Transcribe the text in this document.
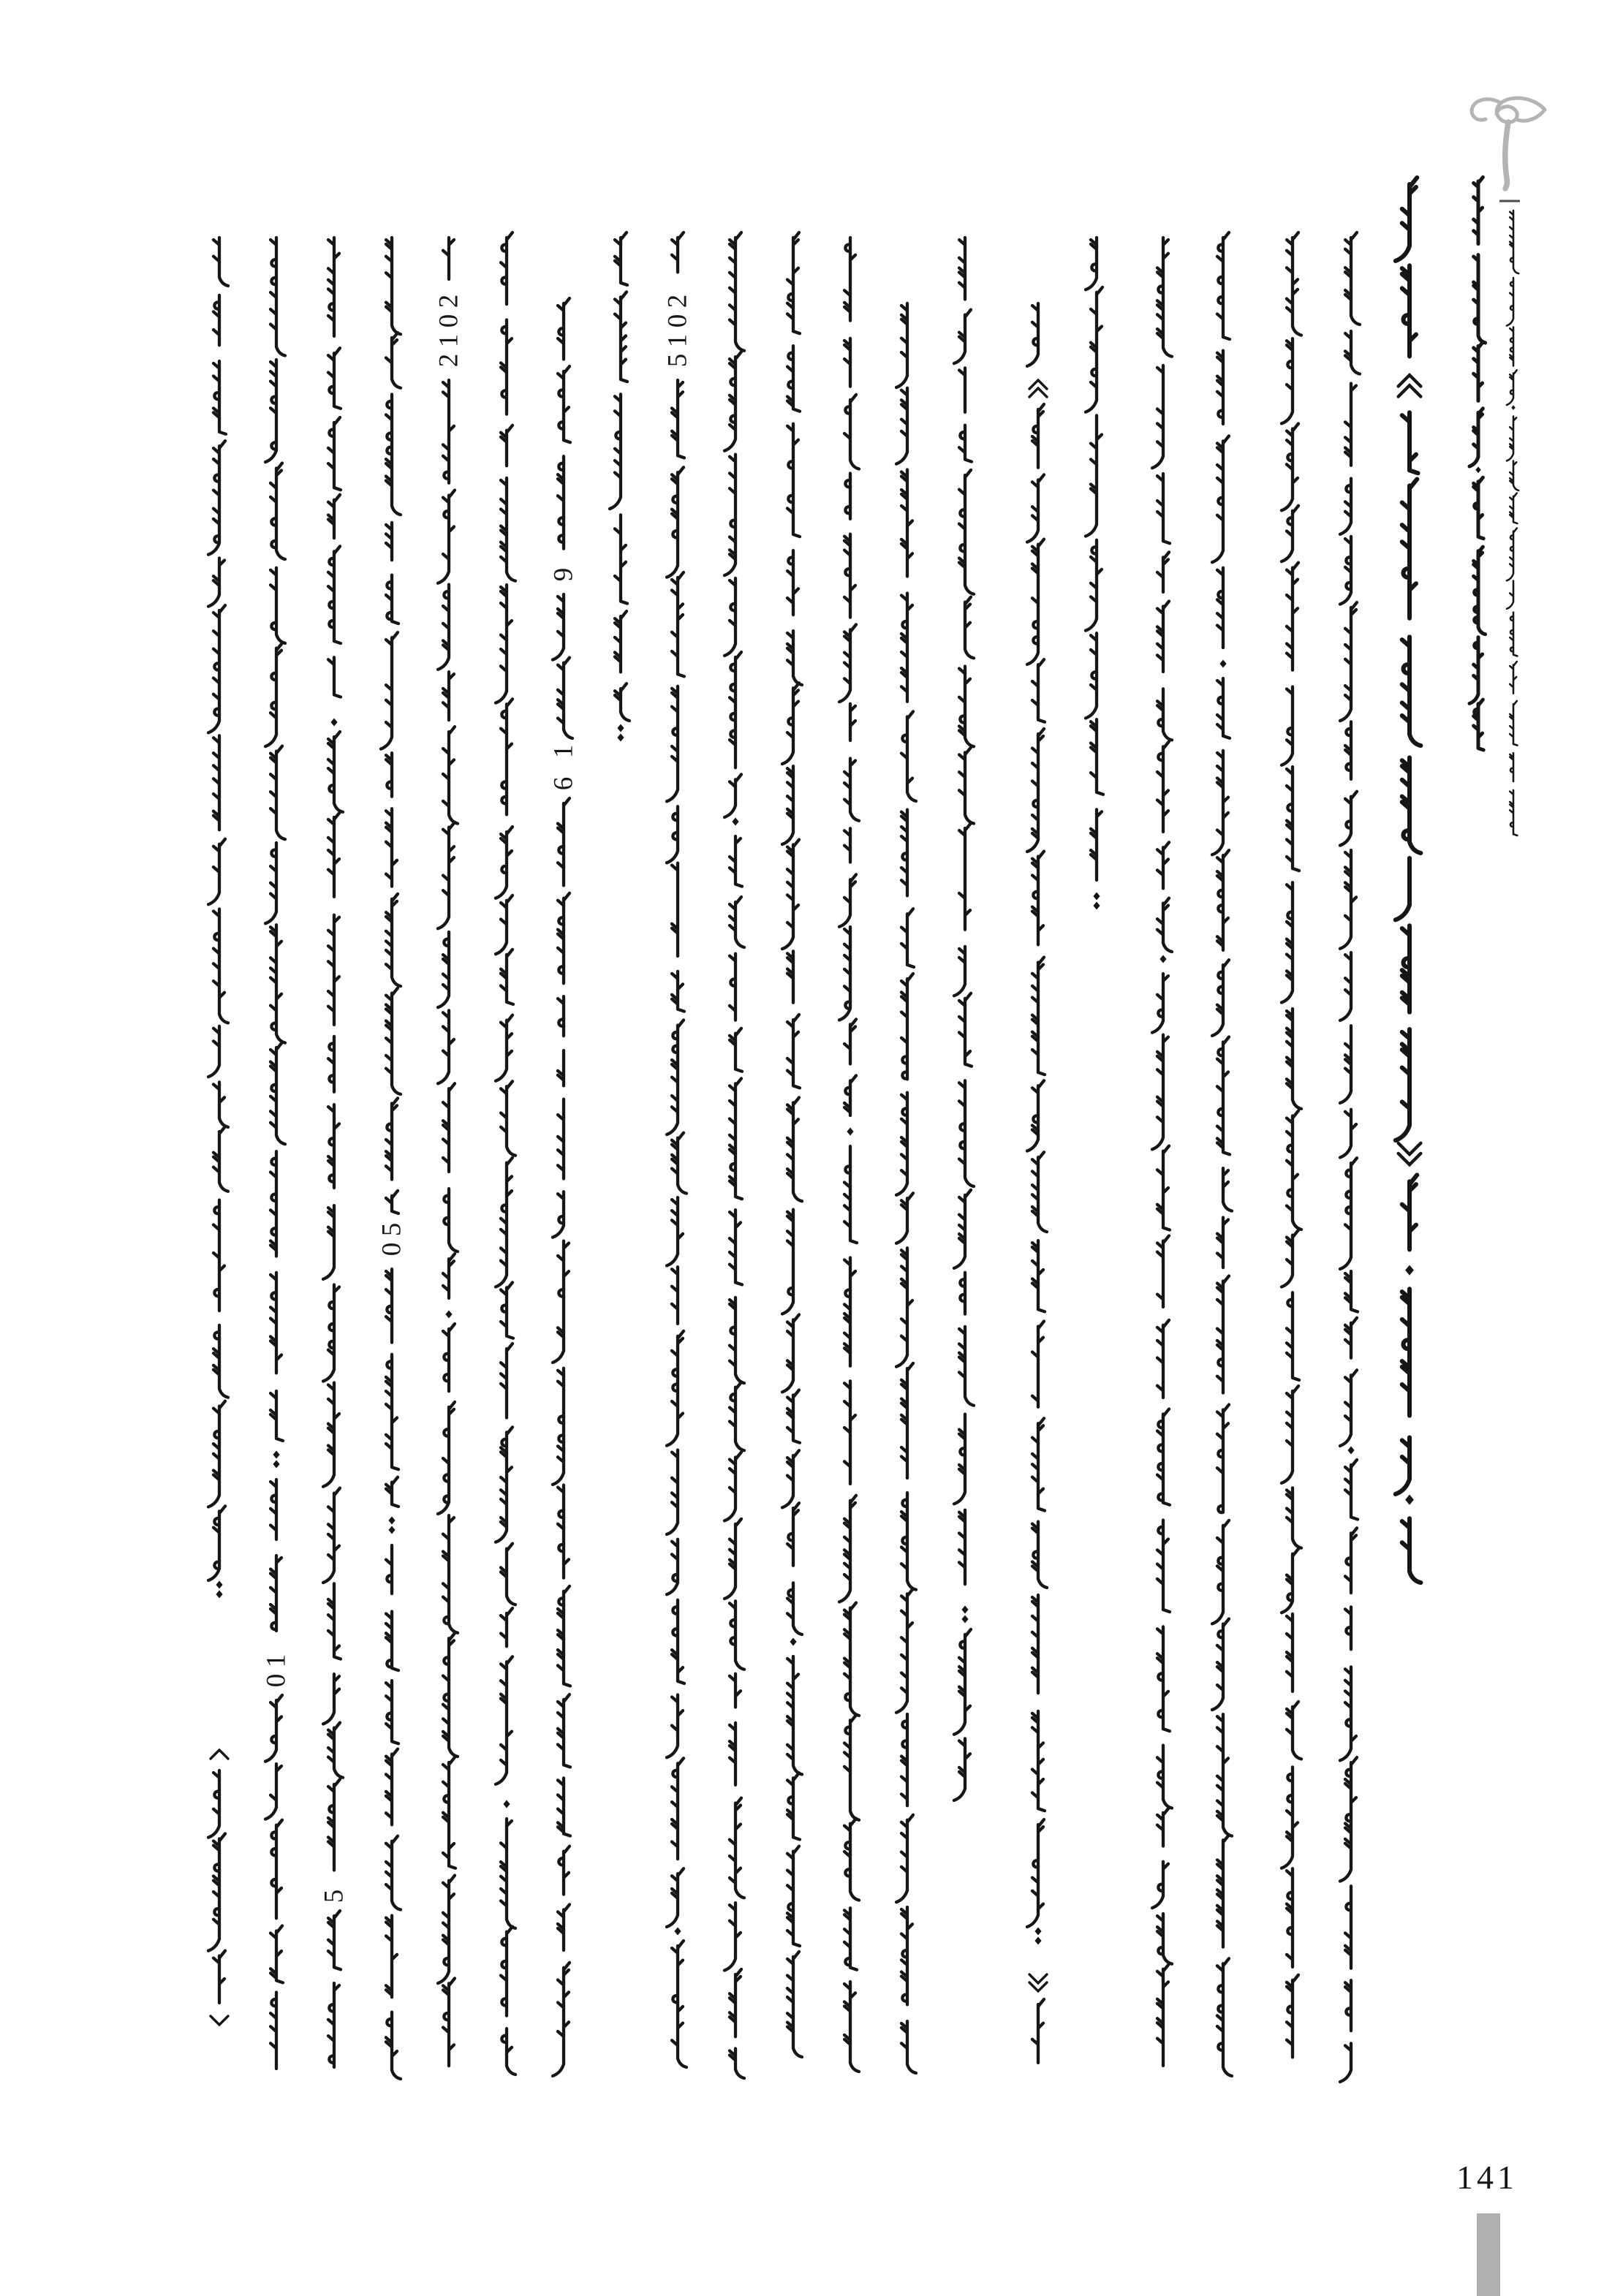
1
0
5
5
0
2
0
1
2
9
1
6
2
0
1
5
141
